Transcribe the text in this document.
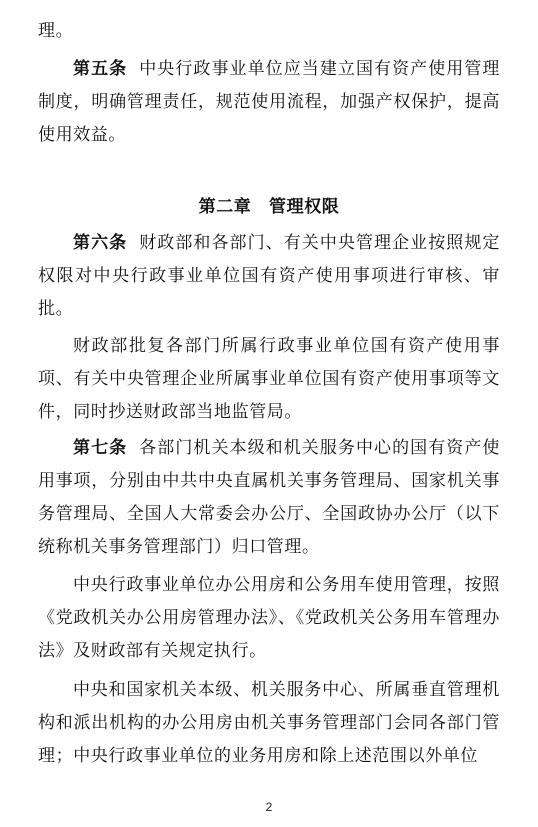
理。

第五条 中央行政事业单位应当建立国有资产使用管理制度，明确管理责任，规范使用流程，加强产权保护，提高使用效益。

第二章　管理权限

第六条 财政部和各部门、有关中央管理企业按照规定权限对中央行政事业单位国有资产使用事项进行审核、审批。

财政部批复各部门所属行政事业单位国有资产使用事项、有关中央管理企业所属事业单位国有资产使用事项等文件，同时抄送财政部当地监管局。

第七条 各部门机关本级和机关服务中心的国有资产使用事项，分别由中共中央直属机关事务管理局、国家机关事务管理局、全国人大常委会办公厅、全国政协办公厅（以下统称机关事务管理部门）归口管理。

中央行政事业单位办公用房和公务用车使用管理，按照《党政机关办公用房管理办法》、《党政机关公务用车管理办法》及财政部有关规定执行。

中央和国家机关本级、机关服务中心、所属垂直管理机构和派出机构的办公用房由机关事务管理部门会同各部门管理；中央行政事业单位的业务用房和除上述范围以外单位

2
